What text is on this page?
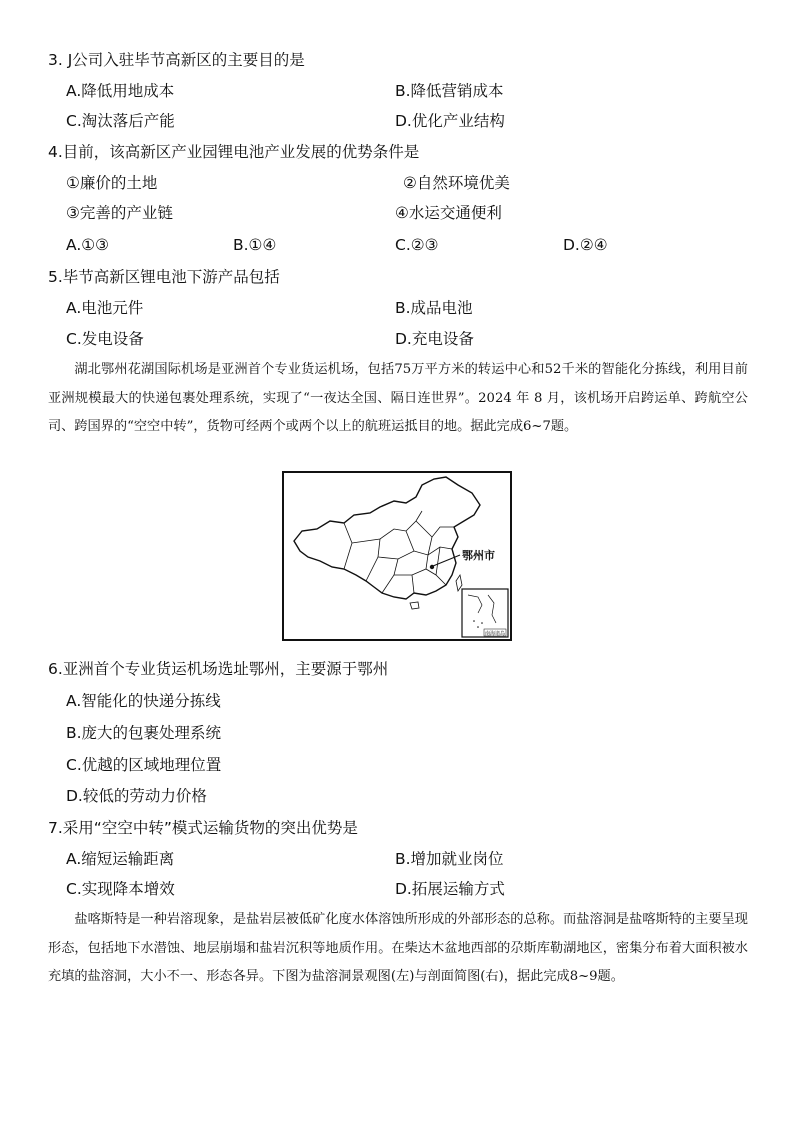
3. J公司入驻毕节高新区的主要目的是
A.降低用地成本	B.降低营销成本
C.淘汰落后产能	D.优化产业结构
4.目前，该高新区产业园锂电池产业发展的优势条件是
①廉价的土地	②自然环境优美
③完善的产业链	④水运交通便利
A.①③	B.①④	C.②③	D.②④
5.毕节高新区锂电池下游产品包括
A.电池元件	B.成品电池
C.发电设备	D.充电设备

湖北鄂州花湖国际机场是亚洲首个专业货运机场，包括75万平方米的转运中心和52千米的智能化分拣线，利用目前亚洲规模最大的快递包裹处理系统，实现了“一夜达全国、隔日连世界”。2024 年 8 月，该机场开启跨运单、跨航空公司、跨国界的“空空中转”，货物可经两个或两个以上的航班运抵目的地。据此完成6~7题。

鄂州市
南海诸岛
6.亚洲首个专业货运机场选址鄂州，主要源于鄂州
A.智能化的快递分拣线
B.庞大的包裹处理系统
C.优越的区域地理位置
D.较低的劳动力价格
7.采用“空空中转”模式运输货物的突出优势是
A.缩短运输距离	B.增加就业岗位
C.实现降本增效	D.拓展运输方式

盐喀斯特是一种岩溶现象，是盐岩层被低矿化度水体溶蚀所形成的外部形态的总称。而盐溶洞是盐喀斯特的主要呈现形态，包括地下水潜蚀、地层崩塌和盐岩沉积等地质作用。在柴达木盆地西部的尕斯库勒湖地区，密集分布着大面积被水充填的盐溶洞，大小不一、形态各异。下图为盐溶洞景观图(左)与剖面简图(右)，据此完成8~9题。
